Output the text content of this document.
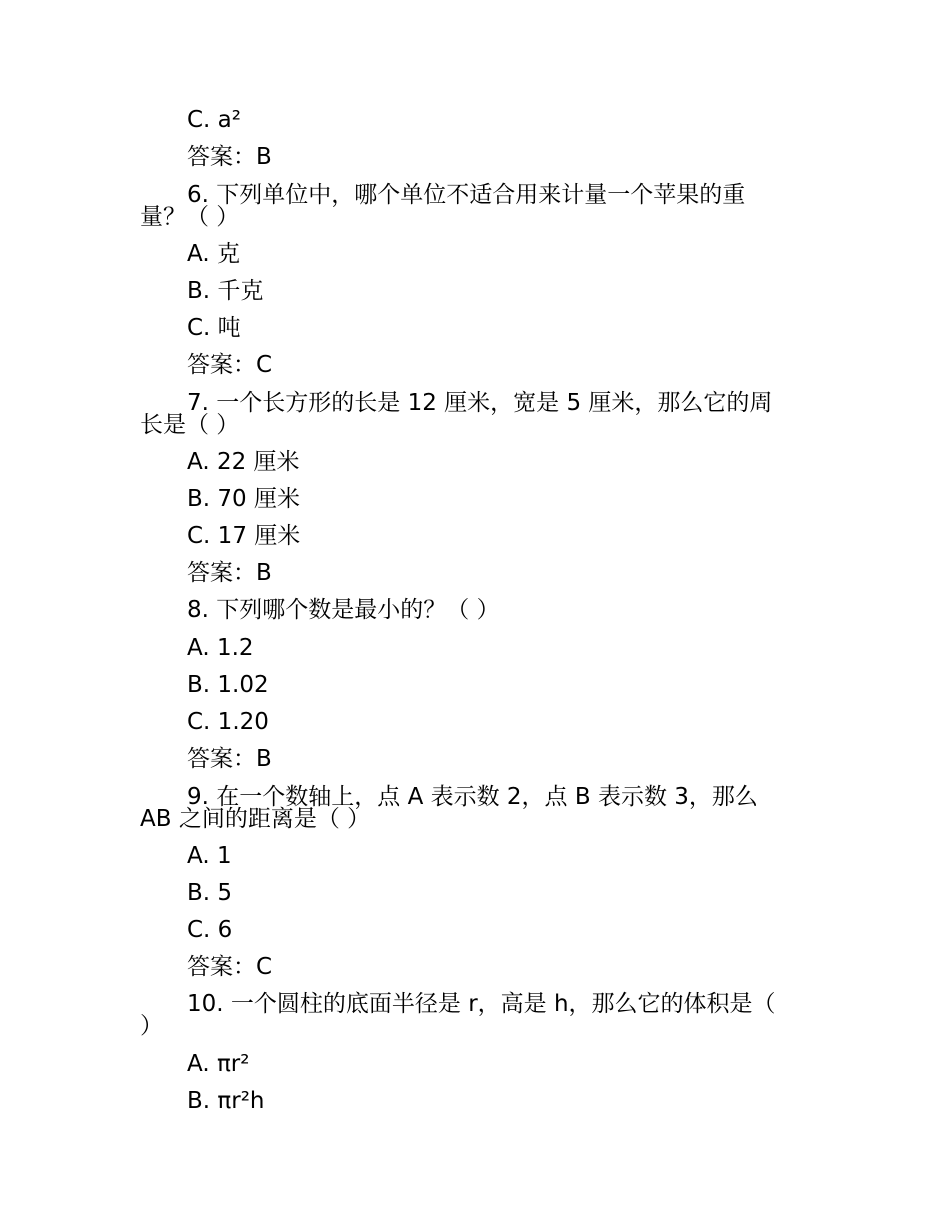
C. a²
答案：B
6. 下列单位中，哪个单位不适合用来计量一个苹果的重
量？（ ）
A. 克
B. 千克
C. 吨
答案：C
7. 一个长方形的长是 12 厘米，宽是 5 厘米，那么它的周
长是（ ）
A. 22 厘米
B. 70 厘米
C. 17 厘米
答案：B
8. 下列哪个数是最小的？（ ）
A. 1.2
B. 1.02
C. 1.20
答案：B
9. 在一个数轴上，点 A 表示数 2，点 B 表示数 3，那么
AB 之间的距离是（ ）
A. 1
B. 5
C. 6
答案：C
10. 一个圆柱的底面半径是 r，高是 h，那么它的体积是（
）
A. πr²
B. πr²h
